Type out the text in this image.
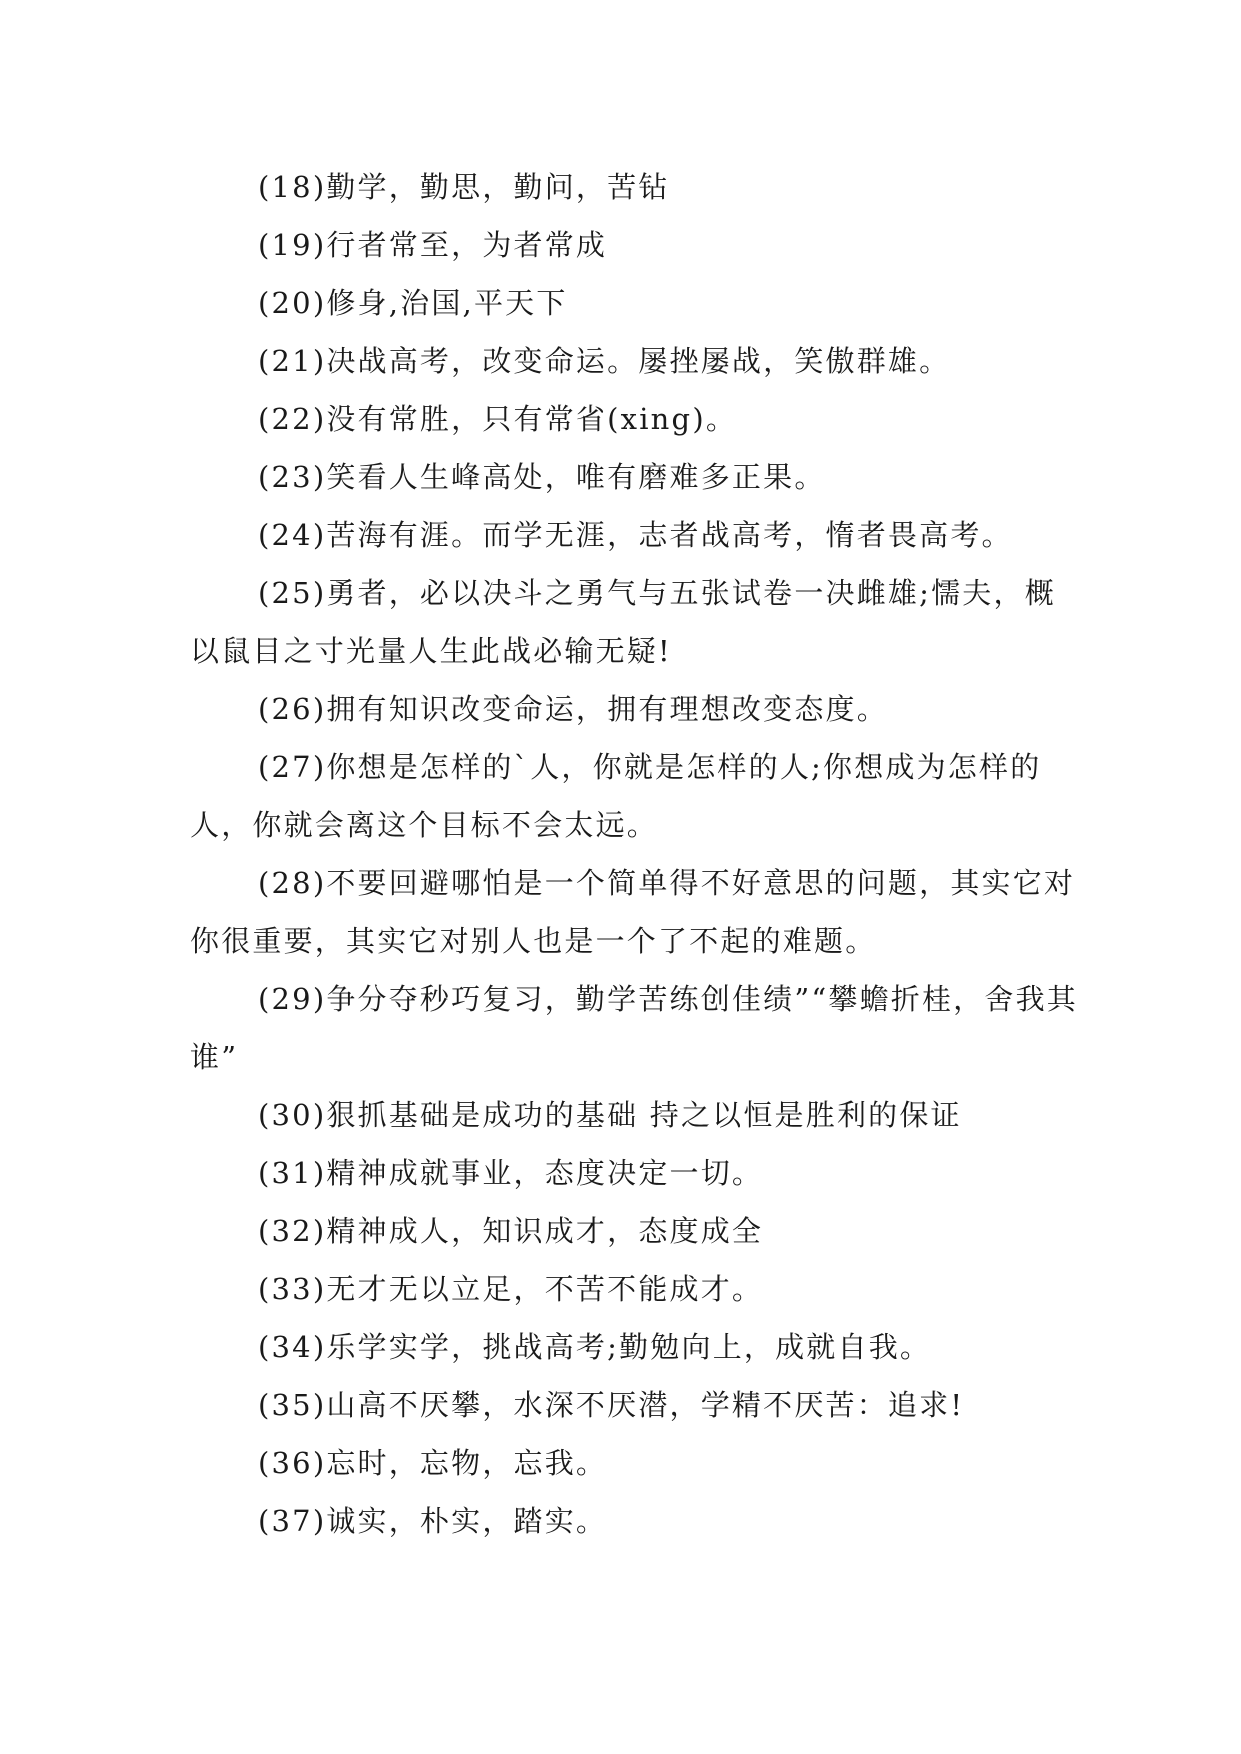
(18)勤学，勤思，勤问，苦钻

(19)行者常至，为者常成

(20)修身,治国,平天下

(21)决战高考，改变命运。屡挫屡战，笑傲群雄。

(22)没有常胜，只有常省(xing)。

(23)笑看人生峰高处，唯有磨难多正果。

(24)苦海有涯。而学无涯，志者战高考，惰者畏高考。

(25)勇者，必以决斗之勇气与五张试卷一决雌雄;懦夫，概以鼠目之寸光量人生此战必输无疑!

(26)拥有知识改变命运，拥有理想改变态度。

(27)你想是怎样的`人，你就是怎样的人;你想成为怎样的人，你就会离这个目标不会太远。

(28)不要回避哪怕是一个简单得不好意思的问题，其实它对你很重要，其实它对别人也是一个了不起的难题。

(29)争分夺秒巧复习，勤学苦练创佳绩”“攀蟾折桂，舍我其谁”

(30)狠抓基础是成功的基础 持之以恒是胜利的保证

(31)精神成就事业，态度决定一切。

(32)精神成人，知识成才，态度成全

(33)无才无以立足，不苦不能成才。

(34)乐学实学，挑战高考;勤勉向上，成就自我。

(35)山高不厌攀，水深不厌潜，学精不厌苦：追求!

(36)忘时，忘物，忘我。

(37)诚实，朴实，踏实。
